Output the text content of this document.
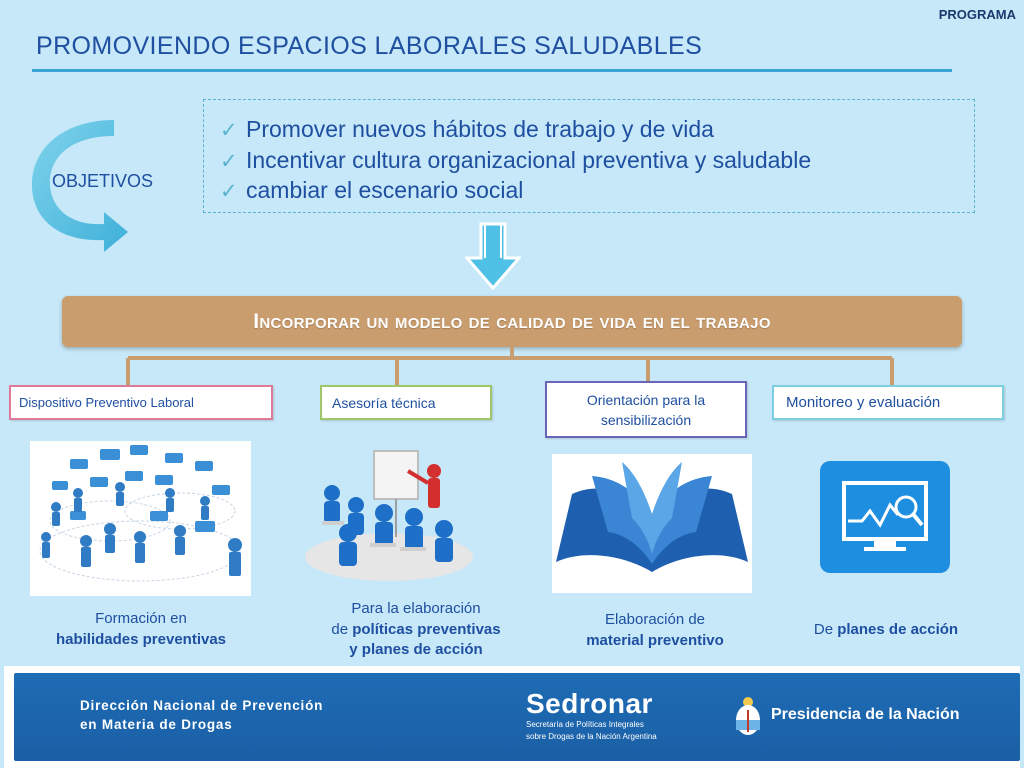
PROGRAMA
PROMOVIENDO ESPACIOS LABORALES SALUDABLES
OBJETIVOS
✓ Promover nuevos hábitos de trabajo y de vida
✓ Incentivar cultura organizacional preventiva y saludable
✓ cambiar el escenario social
Incorporar un modelo de calidad de vida en el trabajo
Dispositivo Preventivo Laboral	Asesoría técnica	Orientación para la sensibilización
Monitoreo y evaluación
Formación en
habilidades preventivas
Para la elaboración
de políticas preventivas
y planes de acción
Elaboración de
material preventivo
De planes de acción
Dirección Nacional de Prevención
en Materia de Drogas
Sedronar
Secretaría de Políticas Integrales
sobre Drogas de la Nación Argentina
Presidencia de la Nación
